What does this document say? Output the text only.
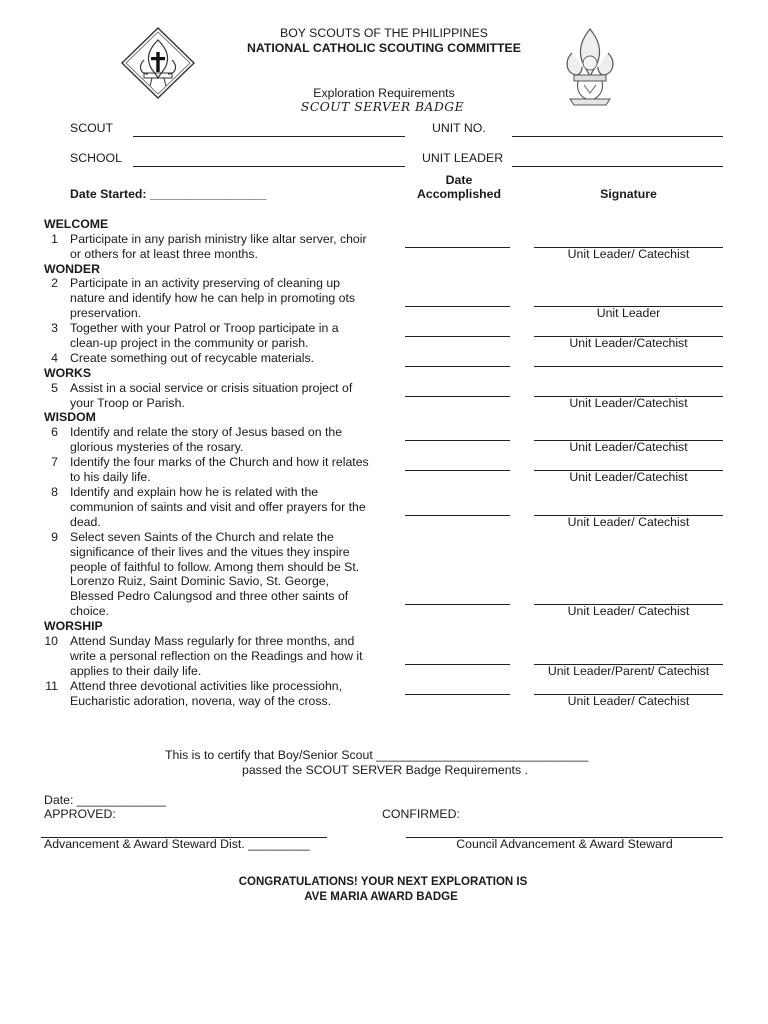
BOY SCOUTS OF THE PHILIPPINES
NATIONAL CATHOLIC SCOUTING COMMITTEE
Exploration Requirements
SCOUT SERVER BADGE
SCOUT	UNIT NO.
SCHOOL	UNIT LEADER
Date Started: _________________
Date
Accomplished	Signature
WELCOME
WONDER
WORKS
WISDOM
WORSHIP
1 Participate in any parish ministry like altar server, choir or others for at least three months.	Unit Leader/ Catechist
2 Participate in an activity preserving of cleaning up nature and identify how he can help in promoting ots preservation.	Unit Leader
3 Together with your Patrol or Troop participate in a clean-up project in the community or parish.	Unit Leader/Catechist
4 Create something out of recycable materials.
5 Assist in a social service or crisis situation project of your Troop or Parish.	Unit Leader/Catechist
6 Identify and relate the story of Jesus based on the glorious mysteries of the rosary.	Unit Leader/Catechist
7 Identify the four marks of the Church and how it relates to his daily life.	Unit Leader/Catechist
8 Identify and explain how he is related with the communion of saints and visit and offer prayers for the dead.	Unit Leader/ Catechist
9 Select seven Saints of the Church and relate the significance of their lives and the vitues they inspire people of faithful to follow. Among them should be St. Lorenzo Ruiz, Saint Dominic Savio, St. George, Blessed Pedro Calungsod and three other saints of choice.	Unit Leader/ Catechist
10 Attend Sunday Mass regularly for three months, and write a personal reflection on the Readings and how it applies to their daily life.	Unit Leader/Parent/ Catechist
11 Attend three devotional activities like processiohn, Eucharistic adoration, novena, way of the cross.	Unit Leader/ Catechist
This is to certify that Boy/Senior Scout _______________________________
passed the SCOUT SERVER Badge Requirements .
Date: _____________
APPROVED:	CONFIRMED:
Advancement & Award Steward Dist. _________	Council Advancement & Award Steward
CONGRATULATIONS! YOUR NEXT EXPLORATION IS
AVE MARIA AWARD BADGE
